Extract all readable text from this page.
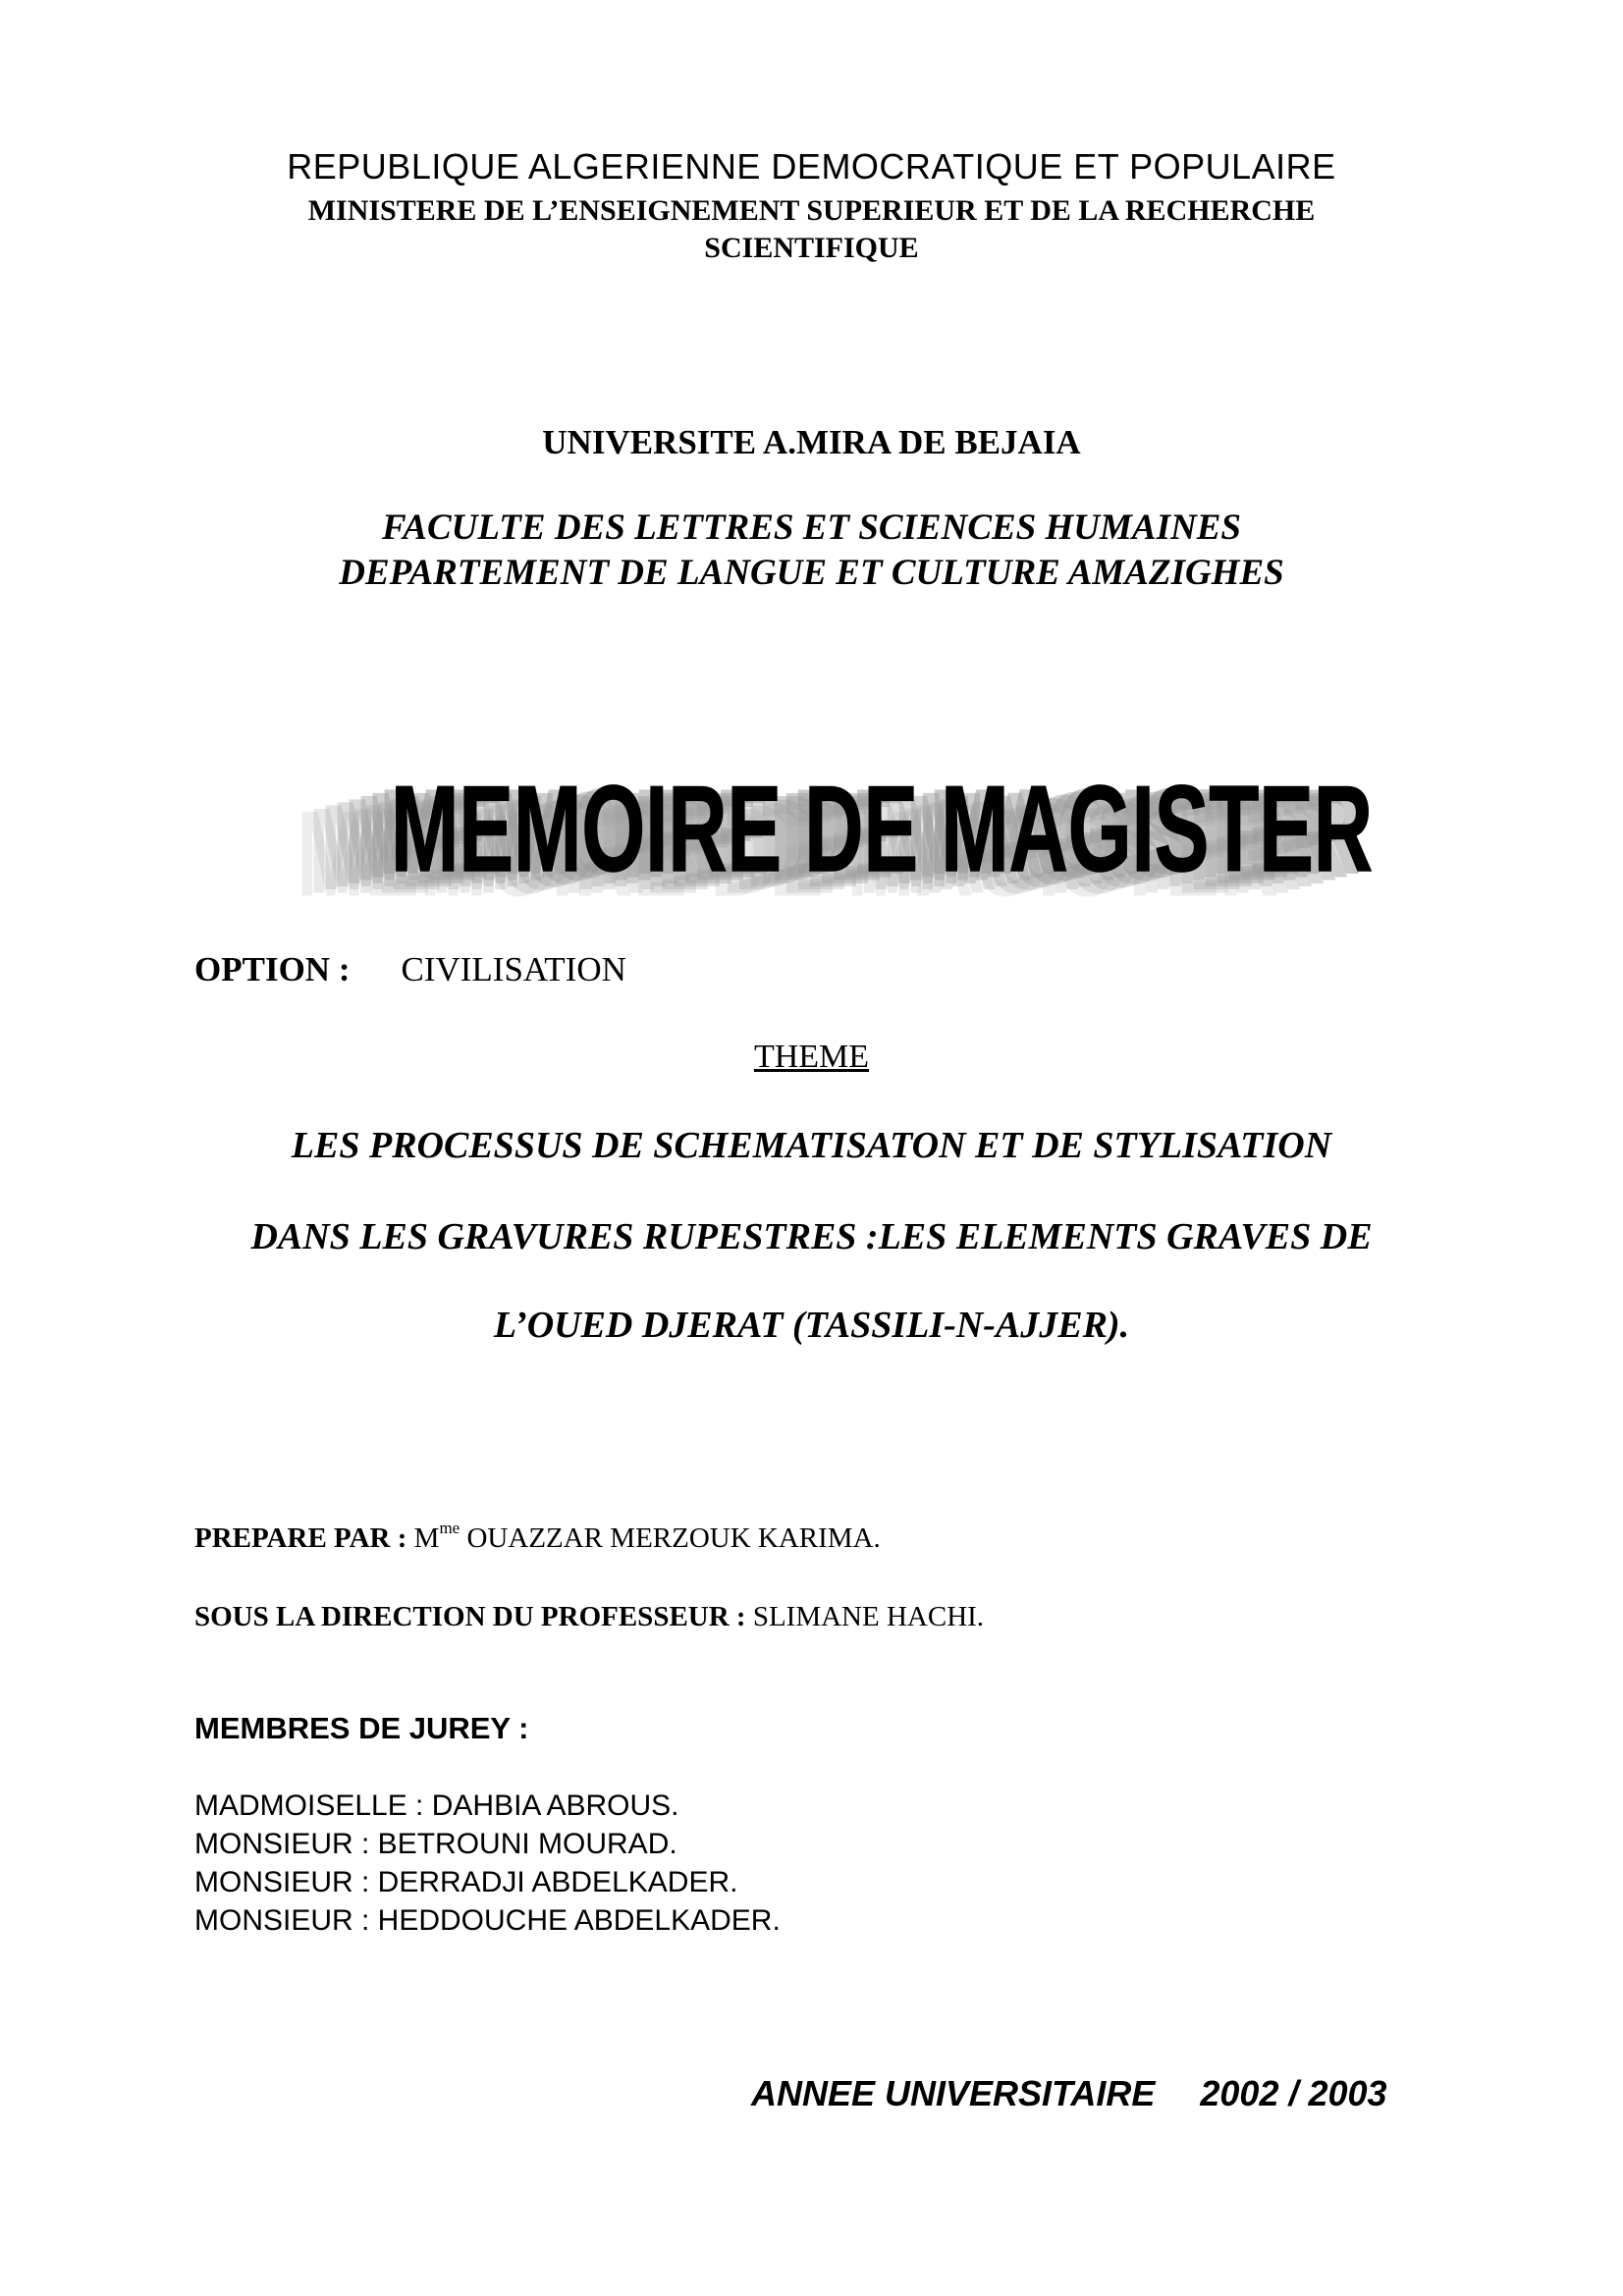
REPUBLIQUE ALGERIENNE DEMOCRATIQUE ET POPULAIRE
MINISTERE DE L’ENSEIGNEMENT SUPERIEUR ET DE LA RECHERCHE
SCIENTIFIQUE
UNIVERSITE A.MIRA DE BEJAIA
FACULTE DES LETTRES ET SCIENCES HUMAINES
DEPARTEMENT DE LANGUE ET CULTURE AMAZIGHES
MEMOIRE DE MAGISTER
MEMOIRE DE MAGISTER
MEMOIRE DE MAGISTER
MEMOIRE DE MAGISTER
MEMOIRE DE MAGISTER
MEMOIRE DE MAGISTER
MEMOIRE DE MAGISTER
MEMOIRE DE MAGISTER
MEMOIRE DE MAGISTER
OPTION : CIVILISATION
THEME
LES PROCESSUS DE SCHEMATISATON ET DE STYLISATION
DANS LES GRAVURES RUPESTRES :LES ELEMENTS GRAVES DE
L’OUED DJERAT (TASSILI-N-AJJER).
PREPARE PAR : $M^{me}$ OUAZZAR MERZOUK KARIMA.
SOUS LA DIRECTION DU PROFESSEUR : SLIMANE HACHI.
MEMBRES DE JUREY :
MADMOISELLE : DAHBIA ABROUS.
MONSIEUR : BETROUNI MOURAD.
MONSIEUR : DERRADJI ABDELKADER.
MONSIEUR : HEDDOUCHE ABDELKADER.
ANNEE UNIVERSITAIRE 2002 / 2003
